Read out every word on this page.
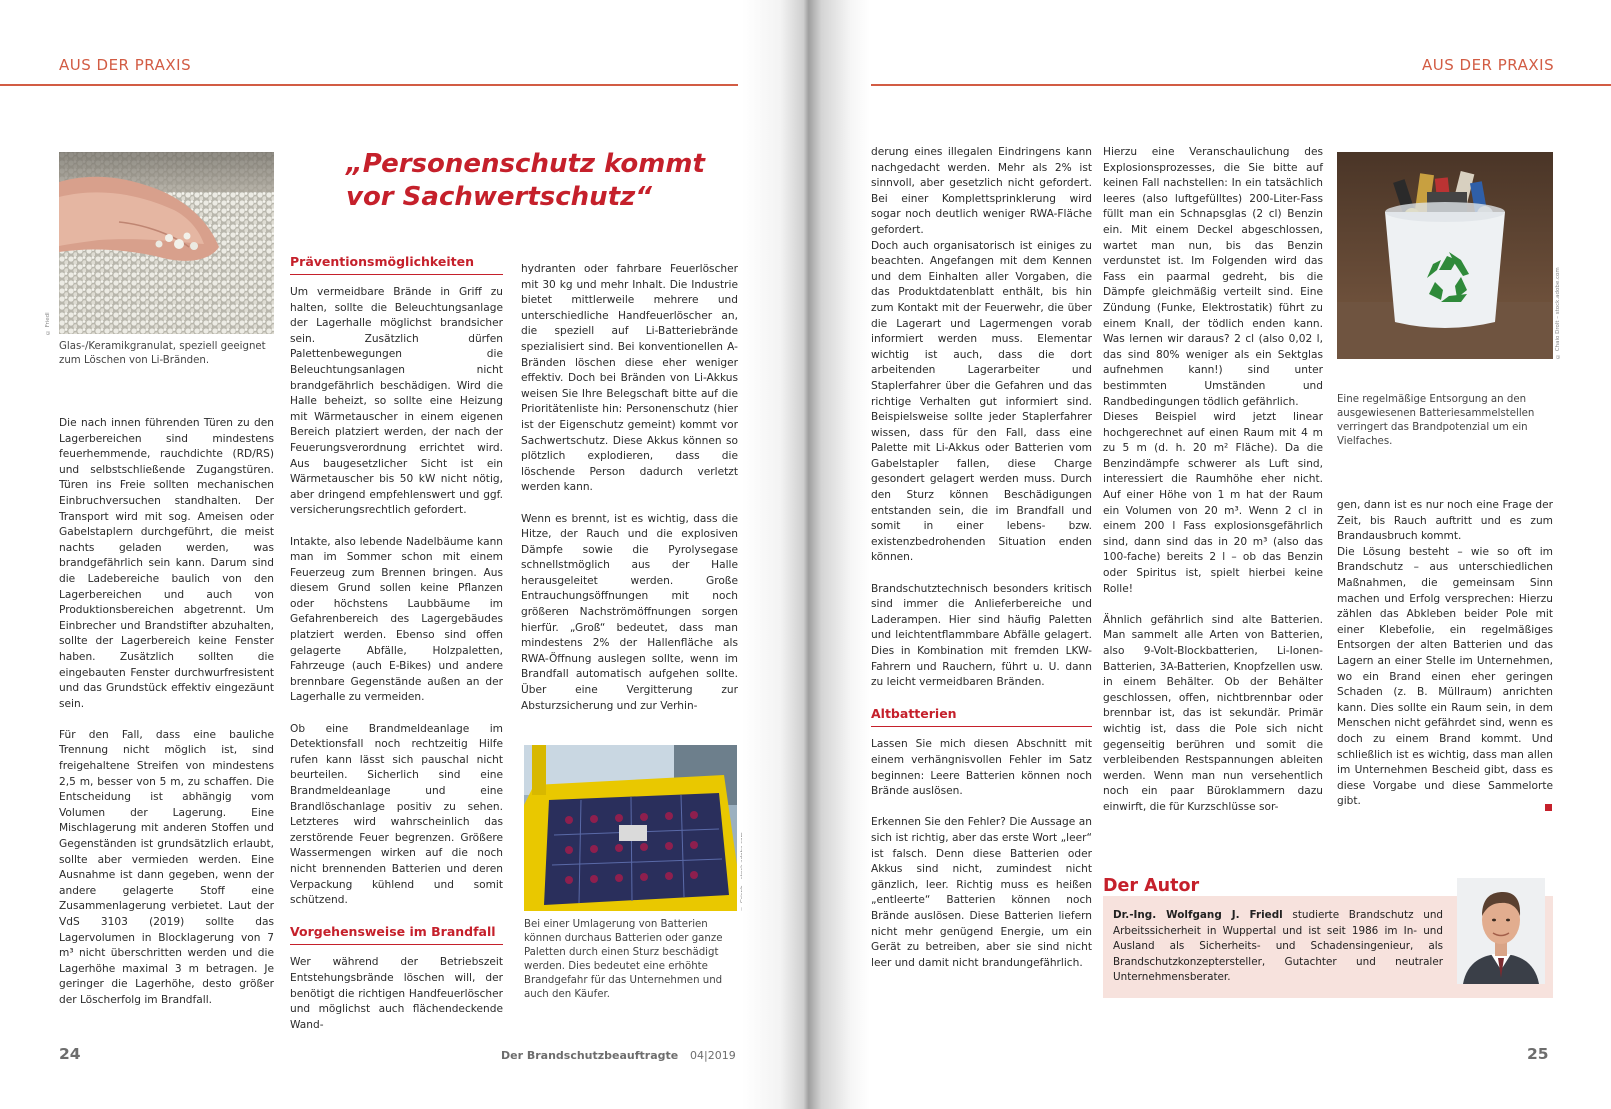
AUS DER PRAXIS
© Friedl
Glas-/Keramikgranulat, speziell geeignet zum Löschen von Li-Bränden.
„Personenschutz kommt
vor Sachwertschutz“

Die nach innen führenden Türen zu den Lagerbereichen sind mindestens feuerhemmende, rauchdichte (RD/RS) und selbstschließende Zugangstüren. Türen ins Freie sollten mechanischen Einbruchversuchen standhalten. Der Transport wird mit sog. Ameisen oder Gabelstaplern durchgeführt, die meist nachts geladen werden, was brandgefährlich sein kann. Darum sind die Ladebereiche baulich von den Lagerbereichen und auch von Produktionsbereichen abgetrennt. Um Einbrecher und Brandstifter abzuhalten, sollte der Lagerbereich keine Fenster haben. Zusätzlich sollten die eingebauten Fenster durchwurfresistent und das Grundstück effektiv eingezäunt sein.

Für den Fall, dass eine bauliche Trennung nicht möglich ist, sind freigehaltene Streifen von mindestens 2,5 m, besser von 5 m, zu schaffen. Die Entscheidung ist abhängig vom Volumen der Lagerung. Eine Mischlagerung mit anderen Stoffen und Gegenständen ist grundsätzlich erlaubt, sollte aber vermieden werden. Eine Ausnahme ist dann gegeben, wenn der andere gelagerte Stoff eine Zusammenlagerung verbietet. Laut der VdS 3103 (2019) sollte das Lagervolumen in Blocklagerung von 7 m³ nicht überschritten werden und die Lagerhöhe maximal 3 m betragen. Je geringer die Lagerhöhe, desto größer der Löscherfolg im Brandfall.

Präventionsmöglichkeiten

Um vermeidbare Brände in Griff zu halten, sollte die Beleuchtungsanlage der Lagerhalle möglichst brandsicher sein. Zusätzlich dürfen Palettenbewegungen die Beleuchtungsanlagen nicht brandgefährlich beschädigen. Wird die Halle beheizt, so sollte eine Heizung mit Wärmetauscher in einem eigenen Bereich platziert werden, der nach der Feuerungsverordnung errichtet wird. Aus baugesetzlicher Sicht ist ein Wärmetauscher bis 50 kW nicht nötig, aber dringend empfehlenswert und ggf. versicherungsrechtlich gefordert.

Intakte, also lebende Nadelbäume kann man im Sommer schon mit einem Feuerzeug zum Brennen bringen. Aus diesem Grund sollen keine Pflanzen oder höchstens Laubbäume im Gefahrenbereich des Lagergebäudes platziert werden. Ebenso sind offen gelagerte Abfälle, Holzpaletten, Fahrzeuge (auch E-Bikes) und andere brennbare Gegenstände außen an der Lagerhalle zu vermeiden.

Ob eine Brandmeldeanlage im Detektionsfall noch rechtzeitig Hilfe rufen kann lässt sich pauschal nicht beurteilen. Sicherlich sind eine Brandmeldeanlage und eine Brandlöschanlage positiv zu sehen. Letzteres wird wahrscheinlich das zerstörende Feuer begrenzen. Größere Wassermengen wirken auf die noch nicht brennenden Batterien und deren Verpackung kühlend und somit schützend.

Vorgehensweise im Brandfall

Wer während der Betriebszeit Entstehungsbrände löschen will, der benötigt die richtigen Handfeuerlöscher und möglichst auch flächendeckende Wand-

hydranten oder fahrbare Feuerlöscher mit 30 kg und mehr Inhalt. Die Industrie bietet mittlerweile mehrere und unterschiedliche Handfeuerlöscher an, die speziell auf Li-Batteriebrände spezialisiert sind. Bei konventionellen A-Bränden löschen diese eher weniger effektiv. Doch bei Bränden von Li-Akkus weisen Sie Ihre Belegschaft bitte auf die Prioritätenliste hin: Personenschutz (hier ist der Eigenschutz gemeint) kommt vor Sachwertschutz. Diese Akkus können so plötzlich explodieren, dass die löschende Person dadurch verletzt werden kann.

Wenn es brennt, ist es wichtig, dass die Hitze, der Rauch und die explosiven Dämpfe sowie die Pyrolysegase schnellstmöglich aus der Halle herausgeleitet werden. Große Entrauchungsöffnungen mit noch größeren Nachströmöffnungen sorgen hierfür. „Groß“ bedeutet, dass man mindestens 2% der Hallenfläche als RWA-Öffnung auslegen sollte, wenn im Brandfall automatisch aufgehen sollte. Über eine Vergitterung zur Absturzsicherung und zur Verhin-

Bei einer Umlagerung von Batterien können durchaus Batterien oder ganze Paletten durch einen Sturz beschädigt werden. Dies bedeutet eine erhöhte Brandgefahr für das Unternehmen und auch den Käufer.
24	Der Brandschutzbeauftragte 04|2019
AUS DER PRAXIS

derung eines illegalen Eindringens kann nachgedacht werden. Mehr als 2% ist sinnvoll, aber gesetzlich nicht gefordert. Bei einer Komplettsprinklerung wird sogar noch deutlich weniger RWA-Fläche gefordert.

Doch auch organisatorisch ist einiges zu beachten. Angefangen mit dem Kennen und dem Einhalten aller Vorgaben, die das Produktdatenblatt enthält, bis hin zum Kontakt mit der Feuerwehr, die über die Lagerart und Lagermengen vorab informiert werden muss. Elementar wichtig ist auch, dass die dort arbeitenden Lagerarbeiter und Staplerfahrer über die Gefahren und das richtige Verhalten gut informiert sind. Beispielsweise sollte jeder Staplerfahrer wissen, dass für den Fall, dass eine Palette mit Li-Akkus oder Batterien vom Gabelstapler fallen, diese Charge gesondert gelagert werden muss. Durch den Sturz können Beschädigungen entstanden sein, die im Brandfall und somit in einer lebens- bzw. existenzbedrohenden Situation enden können.

Brandschutztechnisch besonders kritisch sind immer die Anlieferbereiche und Laderampen. Hier sind häufig Paletten und leichtentflammbare Abfälle gelagert. Dies in Kombination mit fremden LKW-Fahrern und Rauchern, führt u. U. dann zu leicht vermeidbaren Bränden.

Altbatterien

Lassen Sie mich diesen Abschnitt mit einem verhängnisvollen Fehler im Satz beginnen: Leere Batterien können noch Brände auslösen.

Erkennen Sie den Fehler? Die Aussage an sich ist richtig, aber das erste Wort „leer“ ist falsch. Denn diese Batterien oder Akkus sind nicht, zumindest nicht gänzlich, leer. Richtig muss es heißen „entleerte“ Batterien können noch Brände auslösen. Diese Batterien liefern nicht mehr genügend Energie, um ein Gerät zu betreiben, aber sie sind nicht leer und damit nicht brandungefährlich.

Hierzu eine Veranschaulichung des Explosionsprozesses, die Sie bitte auf keinen Fall nachstellen: In ein tatsächlich leeres (also luftgefülltes) 200-Liter-Fass füllt man ein Schnapsglas (2 cl) Benzin ein. Mit einem Deckel abgeschlossen, wartet man nun, bis das Benzin verdunstet ist. Im Folgenden wird das Fass ein paarmal gedreht, bis die Dämpfe gleichmäßig verteilt sind. Eine Zündung (Funke, Elektrostatik) führt zu einem Knall, der tödlich enden kann. Was lernen wir daraus? 2 cl (also 0,02 l, das sind 80% weniger als ein Sektglas aufnehmen kann!) sind unter bestimmten Umständen und Randbedingungen tödlich gefährlich.

Dieses Beispiel wird jetzt linear hochgerechnet auf einen Raum mit 4 m zu 5 m (d. h. 20 m² Fläche). Da die Benzindämpfe schwerer als Luft sind, interessiert die Raumhöhe eher nicht. Auf einer Höhe von 1 m hat der Raum ein Volumen von 20 m³. Wenn 2 cl in einem 200 l Fass explosionsgefährlich sind, dann sind das in 20 m³ (also das 100-fache) bereits 2 l – ob das Benzin oder Spiritus ist, spielt hierbei keine Rolle!

Ähnlich gefährlich sind alte Batterien. Man sammelt alle Arten von Batterien, also 9-Volt-Blockbatterien, Li-Ionen-Batterien, 3A-Batterien, Knopfzellen usw. in einem Behälter. Ob der Behälter geschlossen, offen, nichtbrennbar oder brennbar ist, das ist sekundär. Primär wichtig ist, dass die Pole sich nicht gegenseitig berühren und somit die verbleibenden Restspannungen ableiten werden. Wenn man nun versehentlich noch ein paar Büroklammern dazu einwirft, die für Kurzschlüsse sor-

© Chaio Drolt – stock.adobe.com
Eine regelmäßige Entsorgung an den ausgewiesenen Batteriesammelstellen verringert das Brandpotenzial um ein Vielfaches.

gen, dann ist es nur noch eine Frage der Zeit, bis Rauch auftritt und es zum Brandausbruch kommt.

Die Lösung besteht – wie so oft im Brandschutz – aus unterschiedlichen Maßnahmen, die gemeinsam Sinn machen und Erfolg versprechen: Hierzu zählen das Abkleben beider Pole mit einer Klebefolie, ein regelmäßiges Entsorgen der alten Batterien und das Lagern an einer Stelle im Unternehmen, wo ein Brand einen eher geringen Schaden (z. B. Müllraum) anrichten kann. Dies sollte ein Raum sein, in dem Menschen nicht gefährdet sind, wenn es doch zu einem Brand kommt. Und schließlich ist es wichtig, dass man allen im Unternehmen Bescheid gibt, dass es diese Vorgabe und diese Sammelorte gibt.

25
Der Autor
Dr.-Ing. Wolfgang J. Friedl studierte Brandschutz und Arbeitssicherheit in Wuppertal und ist seit 1986 im In- und Ausland als Sicherheits- und Schadensingenieur, als Brandschutzkonzeptersteller, Gutachter und neutraler Unternehmensberater.
